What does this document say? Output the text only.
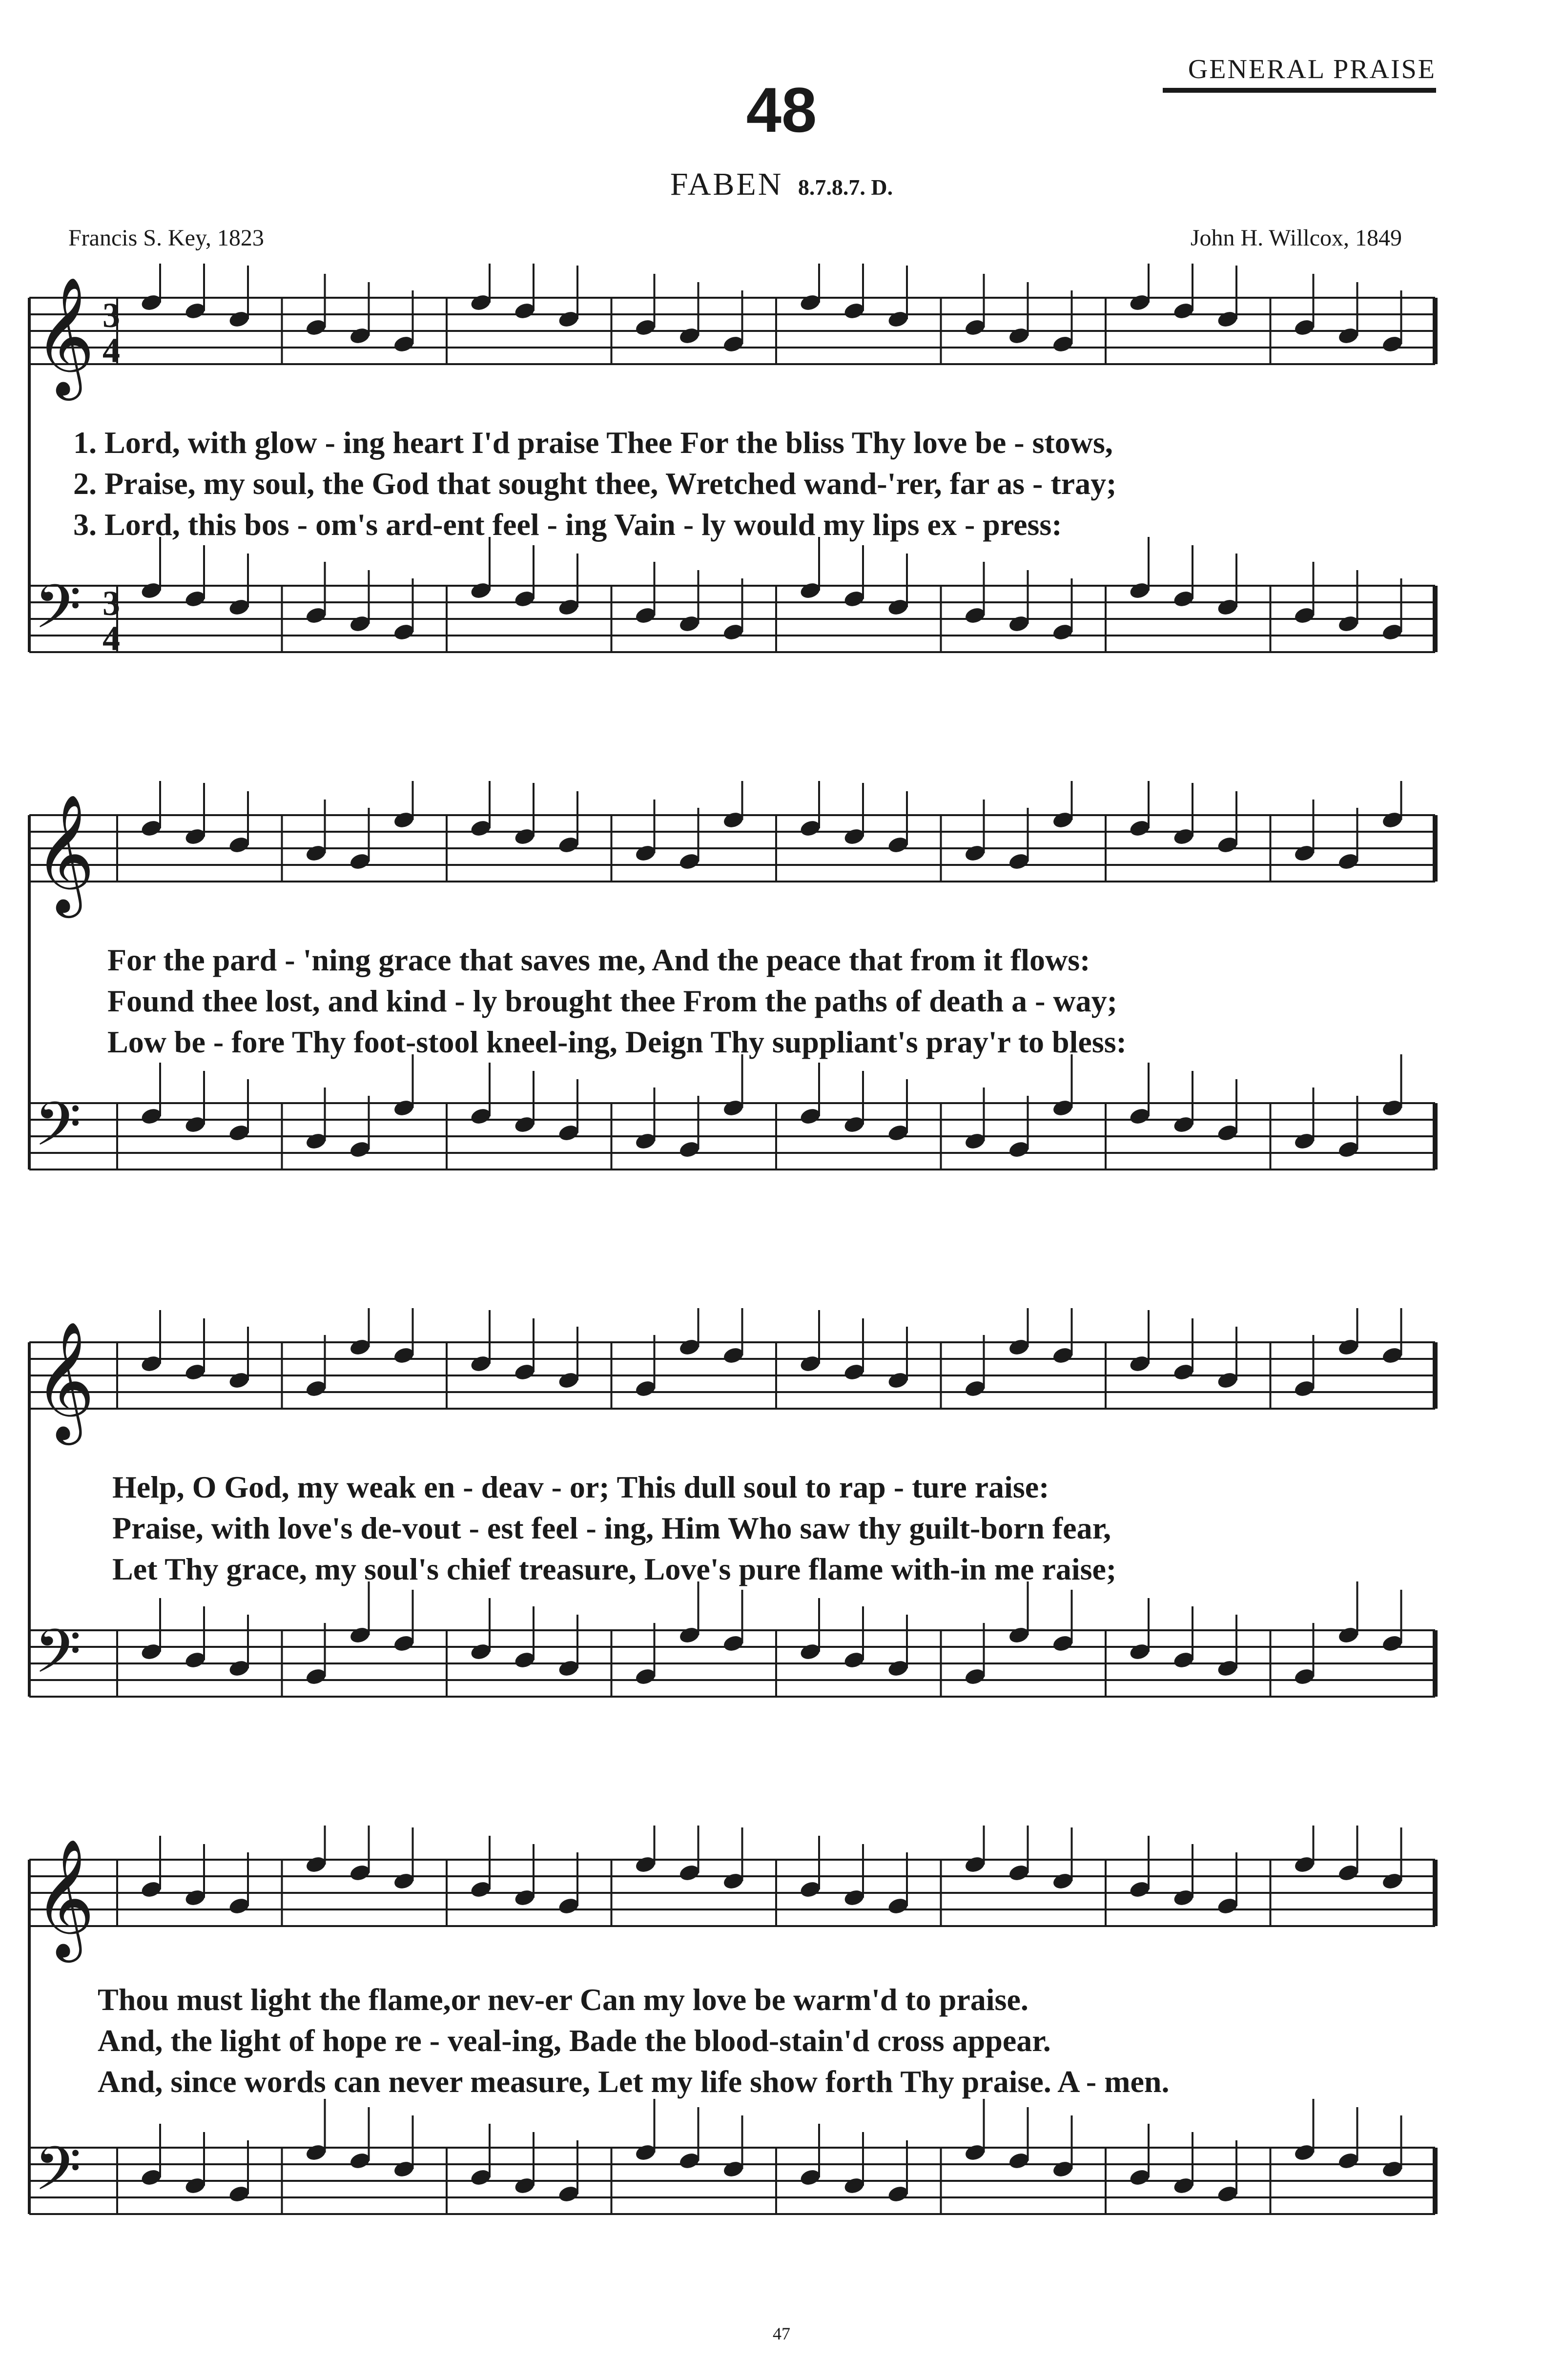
GENERAL PRAISE
48
FABEN 8.7.8.7. D.
Francis S. Key, 1823	John H. Willcox, 1849
𝄞 3
4
𝄢 3
4
1. Lord, with glow - ing heart I'd praise Thee For the bliss Thy love be - stows,
2. Praise, my soul, the God that sought thee, Wretched wand-'rer, far as - tray;
3. Lord, this bos - om's ard-ent feel - ing Vain - ly would my lips ex - press:
𝄞
𝄢
For the pard - 'ning grace that saves me, And the peace that from it flows:
Found thee lost, and kind - ly brought thee From the paths of death a - way;
Low be - fore Thy foot-stool kneel-ing, Deign Thy suppliant's pray'r to bless:
𝄞
𝄢
Help, O God, my weak en - deav - or; This dull soul to rap - ture raise:
Praise, with love's de-vout - est feel - ing, Him Who saw thy guilt-born fear,
Let Thy grace, my soul's chief treasure, Love's pure flame with-in me raise;
𝄞
𝄢
Thou must light the flame,or nev-er Can my love be warm'd to praise.
And, the light of hope re - veal-ing, Bade the blood-stain'd cross appear.
And, since words can never measure, Let my life show forth Thy praise. A - men.
47
